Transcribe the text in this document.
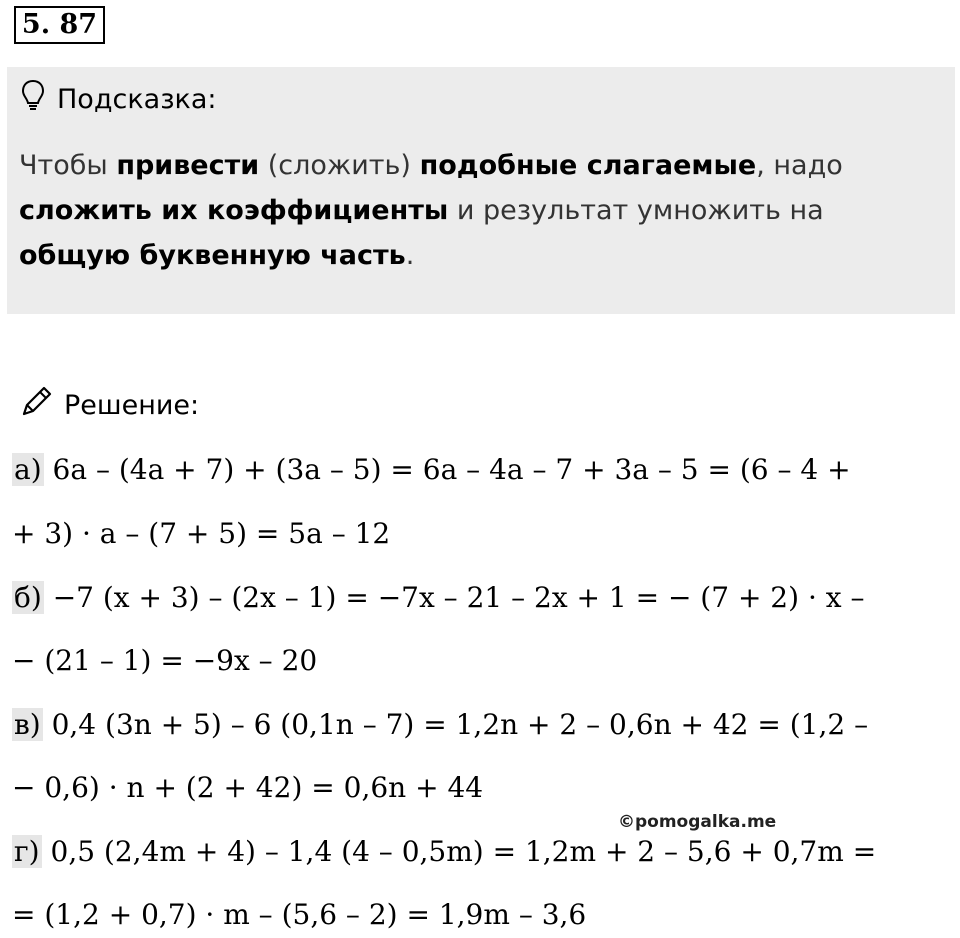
5. 87
Подсказка:
Чтобы привести (сложить) подобные слагаемые, надо сложить их коэффициенты и результат умножить на общую буквенную часть.
Решение:
а) 6a – (4a + 7) + (3a – 5) = 6a – 4a – 7 + 3a – 5 = (6 – 4 +
+ 3) · a – (7 + 5) = 5a – 12
б) −7 (x + 3) – (2x – 1) = −7x – 21 – 2x + 1 = − (7 + 2) · x –
− (21 – 1) = −9x – 20
в) 0,4 (3n + 5) – 6 (0,1n – 7) = 1,2n + 2 – 0,6n + 42 = (1,2 –
− 0,6) · n + (2 + 42) = 0,6n + 44
г) 0,5 (2,4m + 4) – 1,4 (4 – 0,5m) = 1,2m + 2 – 5,6 + 0,7m =
= (1,2 + 0,7) · m – (5,6 – 2) = 1,9m – 3,6
©pomogalka.me
